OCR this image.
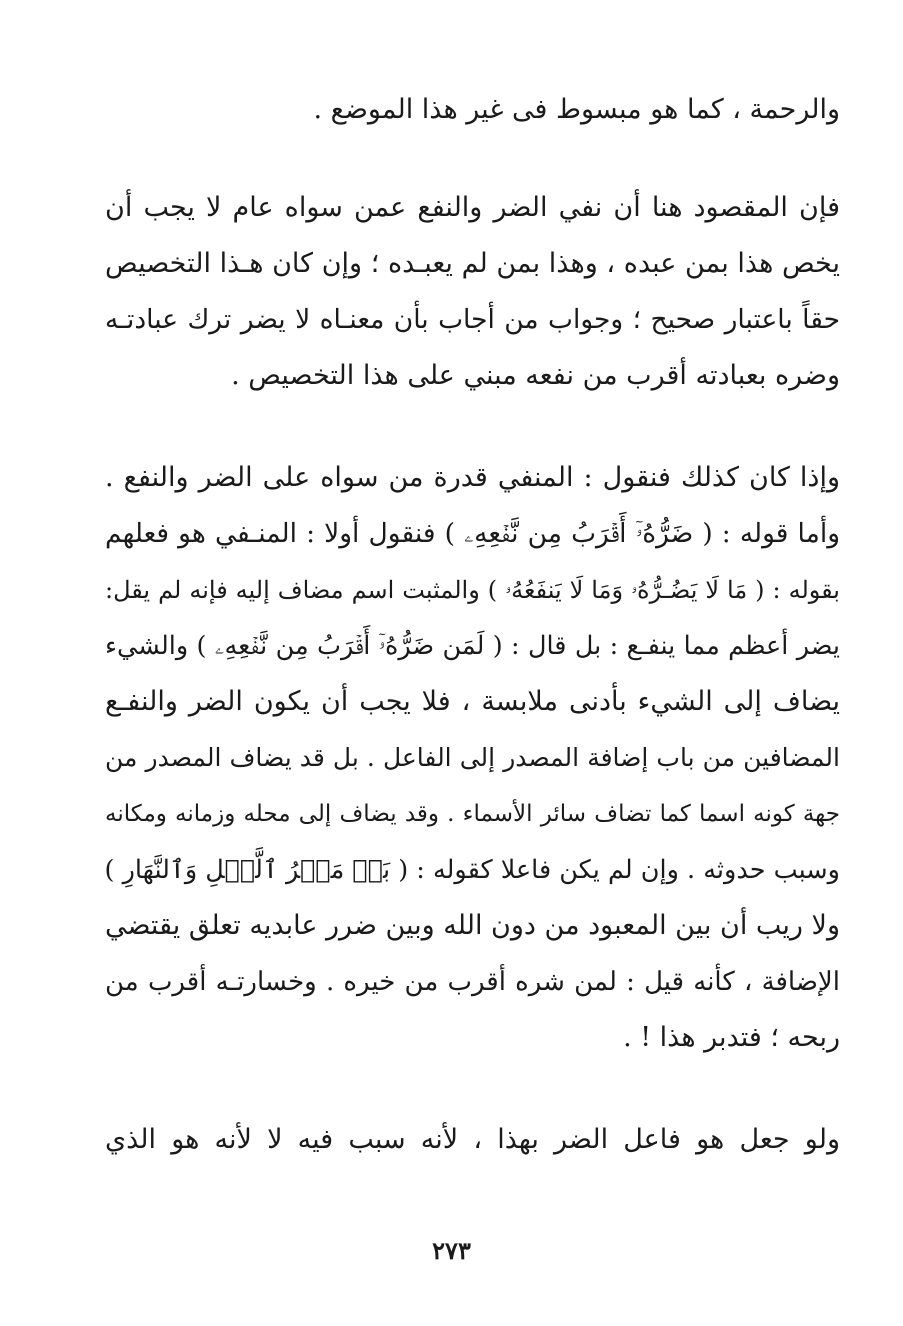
والرحمة ، كما هو مبسوط فى غير هذا الموضع .
فإن المقصود هنا أن نفي الضر والنفع عمن سواه عام لا يجب أن
يخص هذا بمن عبده ، وهذا بمن لم يعبـده ؛ وإن كان هـذا التخصيص
حقاً باعتبار صحيح ؛ وجواب من أجاب بأن معنـاه لا يضر ترك عبادتـه
وضره بعبادته أقرب من نفعه مبني على هذا التخصيص .
وإذا كان كذلك فنقول : المنفي قدرة من سواه على الضر والنفع .
وأما قوله : ( ضَرُّهُۥٓ أَقۡرَبُ مِن نَّفۡعِهِۦ ) فنقول أولا : المنـفي هو فعلهم
بقوله : ( مَا لَا يَضُـرُّهُۥ وَمَا لَا يَنفَعُهُۥ ) والمثبت اسم مضاف إليه فإنه لم يقل:
يضر أعظم مما ينفـع : بل قال : ( لَمَن ضَرُّهُۥٓ أَقۡرَبُ مِن نَّفۡعِهِۦ ) والشيء
يضاف إلى الشيء بأدنى ملابسة ، فلا يجب أن يكون الضر والنفـع
المضافين من باب إضافة المصدر إلى الفاعل . بل قد يضاف المصدر من
جهة كونه اسما كما تضاف سائر الأسماء . وقد يضاف إلى محله وزمانه ومكانه
وسبب حدوثه . وإن لم يكن فاعلا كقوله : ( بَلۡ مَكۡرُ ٱلَّيۡلِ وَٱلنَّهَارِ )
ولا ريب أن بين المعبود من دون الله وبين ضرر عابديه تعلق يقتضي
الإضافة ، كأنه قيل : لمن شره أقرب من خيره . وخسارتـه أقرب من
ربحه ؛ فتدبر هذا ! .
ولو جعل هو فاعل الضر بهذا ، لأنه سبب فيه لا لأنه هو الذي
٢٧٣
